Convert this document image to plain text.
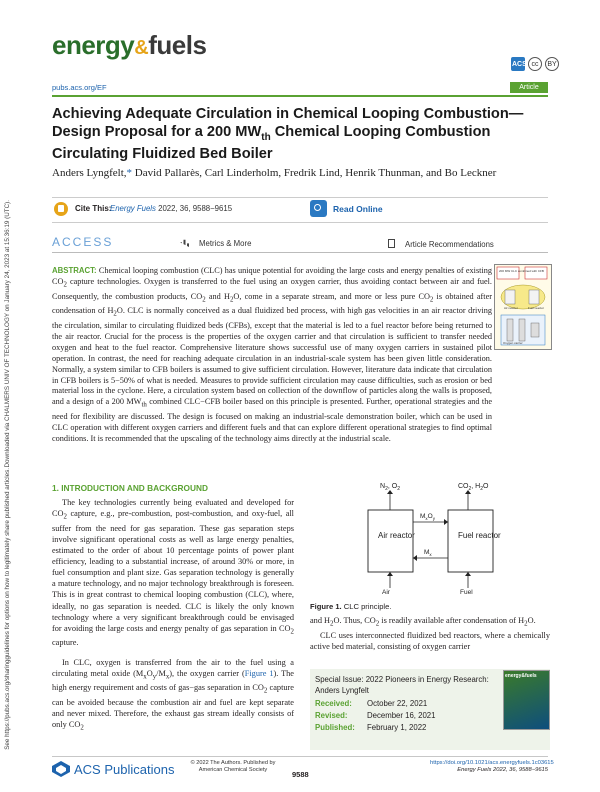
Downloaded via CHALMERS UNIV OF TECHNOLOGY on January 24, 2023 at 15:36:19 (UTC).
See https://pubs.acs.org/sharingguidelines for options on how to legitimately share published articles.
energy&fuels
ACS cc BY
pubs.acs.org/EF	Article
Achieving Adequate Circulation in Chemical Looping Combustion—Design Proposal for a 200 $MW_{th}$ Chemical Looping Combustion Circulating Fluidized Bed Boiler
Anders Lyngfelt,* David Pallarès, Carl Linderholm, Fredrik Lind, Henrik Thunman, and Bo Leckner
Cite This:
Energy Fuels 2022, 36, 9588−9615	Read Online
ACCESS	Metrics & More	Article Recommendations
200 MW CLC combined with CFB
Air reactor	Fuel reactor
Oxygen carrier

ABSTRACT: Chemical looping combustion (CLC) has unique potential for avoiding the large costs and energy penalties of existing $CO_2$ capture technologies. Oxygen is transferred to the fuel using an oxygen carrier, thus avoiding contact between air and fuel. Consequently, the combustion products, $CO_2$ and $H_2O$, come in a separate stream, and more or less pure $CO_2$ is obtained after condensation of $H_2O$. CLC is normally conceived as a dual fluidized bed process, with high gas velocities in an air reactor driving the circulation, similar to circulating fluidized beds (CFBs), except that the material is led to a fuel reactor before being returned to the air reactor. Crucial for the process is the properties of the oxygen carrier and that circulation is sufficient to transfer needed oxygen and heat to the fuel reactor. Comprehensive literature shows successful use of many oxygen carriers in sustained pilot operation. In contrast, the need for reaching adequate circulation in an industrial-scale system has been given little consideration. Normally, a system similar to CFB boilers is assumed to give sufficient circulation. However, literature data indicate that circulation in CFB boilers is 5−50% of what is needed. Measures to provide sufficient circulation may cause difficulties, such as erosion or bed material loss in the cyclone. Here, a circulation system based on collection of the downflow of particles along the walls is proposed, and a design of a 200 $MW_{th}$ combined CLC−CFB boiler based on this principle is presented. Further, operational strategies and the need for flexibility are discussed. The design is focused on making an industrial-scale demonstration boiler, which can be used in CLC operation with different oxygen carriers and different fuels and that can explore different operational strategies to find optimal conditions. It is recommended that the upscaling of the technology aims directly at the industrial scale.

1. INTRODUCTION AND BACKGROUND

The key technologies currently being evaluated and developed for $CO_2$ capture, e.g., pre-combustion, post-combustion, and oxy-fuel, all suffer from the need for gas separation. These gas separation steps involve significant operational costs as well as large energy penalties, estimated to the order of about 10 percentage points of power plant efficiency, leading to a substantial increase, of around 30% or more, in fuel consumption and plant size. Gas separation technology is generally a mature technology, and no major technology breakthrough is foreseen. This is in great contrast to chemical looping combustion (CLC), where, ideally, no gas separation is needed. CLC is likely the only known technology where a very significant breakthrough could be envisaged for avoiding the large costs and energy penalty of gas separation in $CO_2$ capture.

In CLC, oxygen is transferred from the air to the fuel using a circulating metal oxide $(M_xO_y/M_x)$, the oxygen carrier (Figure 1). The high energy requirement and costs of gas−gas separation in $CO_2$ capture can be avoided because the combustion air and fuel are kept separate and never mixed. Therefore, the exhaust gas stream ideally consists of only $CO_2$

$N_2$, $O_2$	$CO_2$, $H_2O$
Air reactor	Fuel reactor
$M_xO_y$
$M_x$
Air	Fuel
Figure 1. CLC principle.

and $H_2O$. Thus, $CO_2$ is readily available after condensation of $H_2O$.

CLC uses interconnected fluidized bed reactors, where a chemically active bed material, consisting of oxygen carrier

Special Issue: 2022 Pioneers in Energy Research: Anders Lyngfelt
Received: October 22, 2021
Revised: December 16, 2021
Published: February 1, 2022
energy&fuels
ACS Publications	© 2022 The Authors. Published by
American Chemical Society
9588
https://doi.org/10.1021/acs.energyfuels.1c03615
Energy Fuels 2022, 36, 9588−9615
